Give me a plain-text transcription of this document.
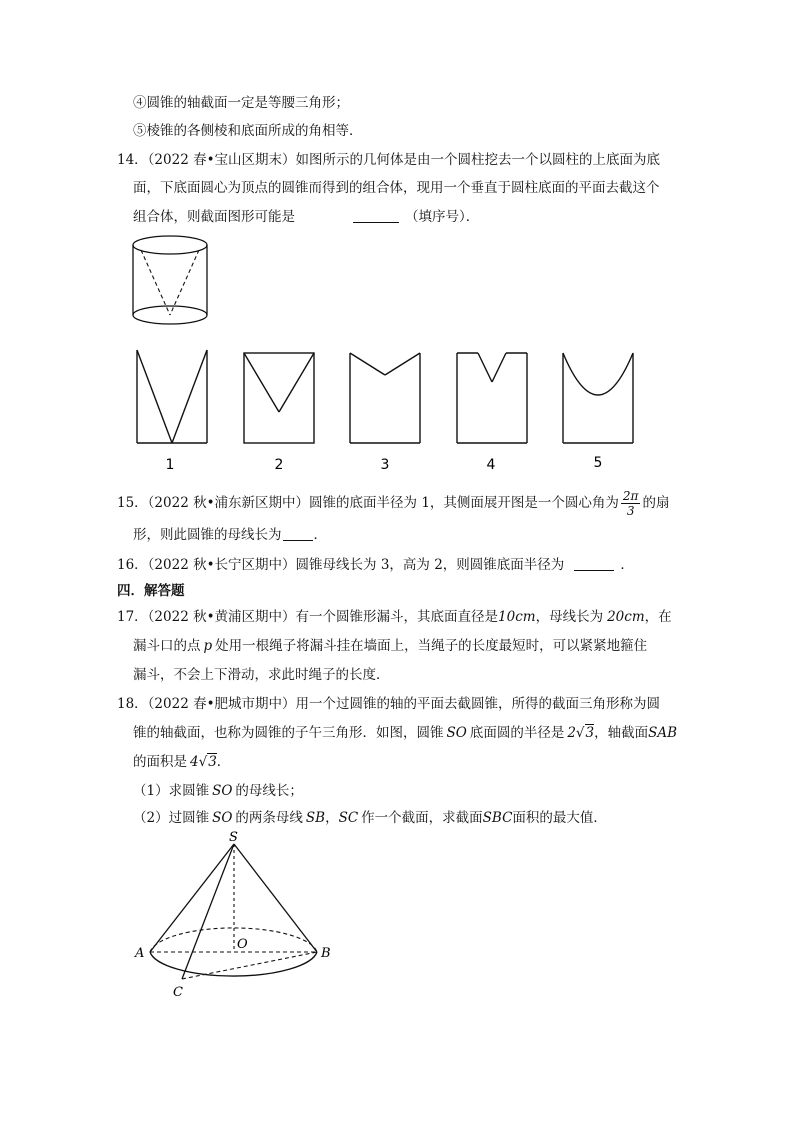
④圆锥的轴截面一定是等腰三角形；
⑤棱锥的各侧棱和底面所成的角相等．
14．（2022 春•宝山区期末）如图所示的几何体是由一个圆柱挖去一个以圆柱的上底面为底
面，下底面圆心为顶点的圆锥而得到的组合体，现用一个垂直于圆柱底面的平面去截这个
组合体，则截面图形可能是	（填序号）．
1	2	3	4	5
15．（2022 秋•浦东新区期中）圆锥的底面半径为 1，其侧面展开图是一个圆心角为 $\frac{2\pi}{3}$ 的扇
形，则此圆锥的母线长为 ．
16．（2022 秋•长宁区期中）圆锥母线长为 3，高为 2，则圆锥底面半径为	．
四．解答题
17．（2022 秋•黄浦区期中）有一个圆锥形漏斗，其底面直径是10cm，母线长为 20cm，在
漏斗口的点 p 处用一根绳子将漏斗挂在墙面上，当绳子的长度最短时，可以紧紧地箍住
漏斗，不会上下滑动，求此时绳子的长度．
18．（2022 春•肥城市期中）用一个过圆锥的轴的平面去截圆锥，所得的截面三角形称为圆
锥的轴截面，也称为圆锥的子午三角形．如图，圆锥 SO 底面圆的半径是 2√3，轴截面SAB
的面积是 4√3．
（1）求圆锥 SO 的母线长；
（2）过圆锥 SO 的两条母线 SB，SC 作一个截面，求截面SBC面积的最大值．
S
A	B
O
C
